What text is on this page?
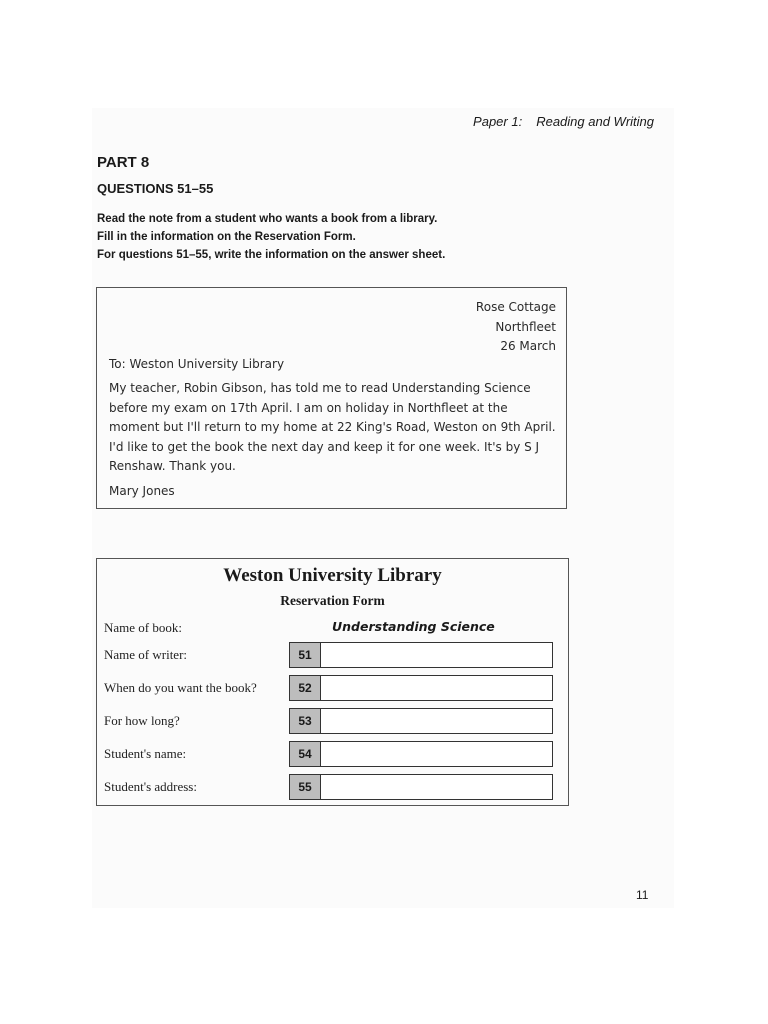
Paper 1: Reading and Writing
PART 8
QUESTIONS 51–55
Read the note from a student who wants a book from a library.
Fill in the information on the Reservation Form.
For questions 51–55, write the information on the answer sheet.
Rose Cottage
Northfleet
26 March
To: Weston University Library
My teacher, Robin Gibson, has told me to read Understanding Science before my exam on 17th April. I am on holiday in Northfleet at the moment but I'll return to my home at 22 King's Road, Weston on 9th April. I'd like to get the book the next day and keep it for one week. It's by S J Renshaw. Thank you.
Mary Jones
Weston University Library
Reservation Form
Name of book:	Understanding Science
Name of writer:	51
When do you want the book?	52
For how long?	53
Student's name:	54
Student's address:	55
11
